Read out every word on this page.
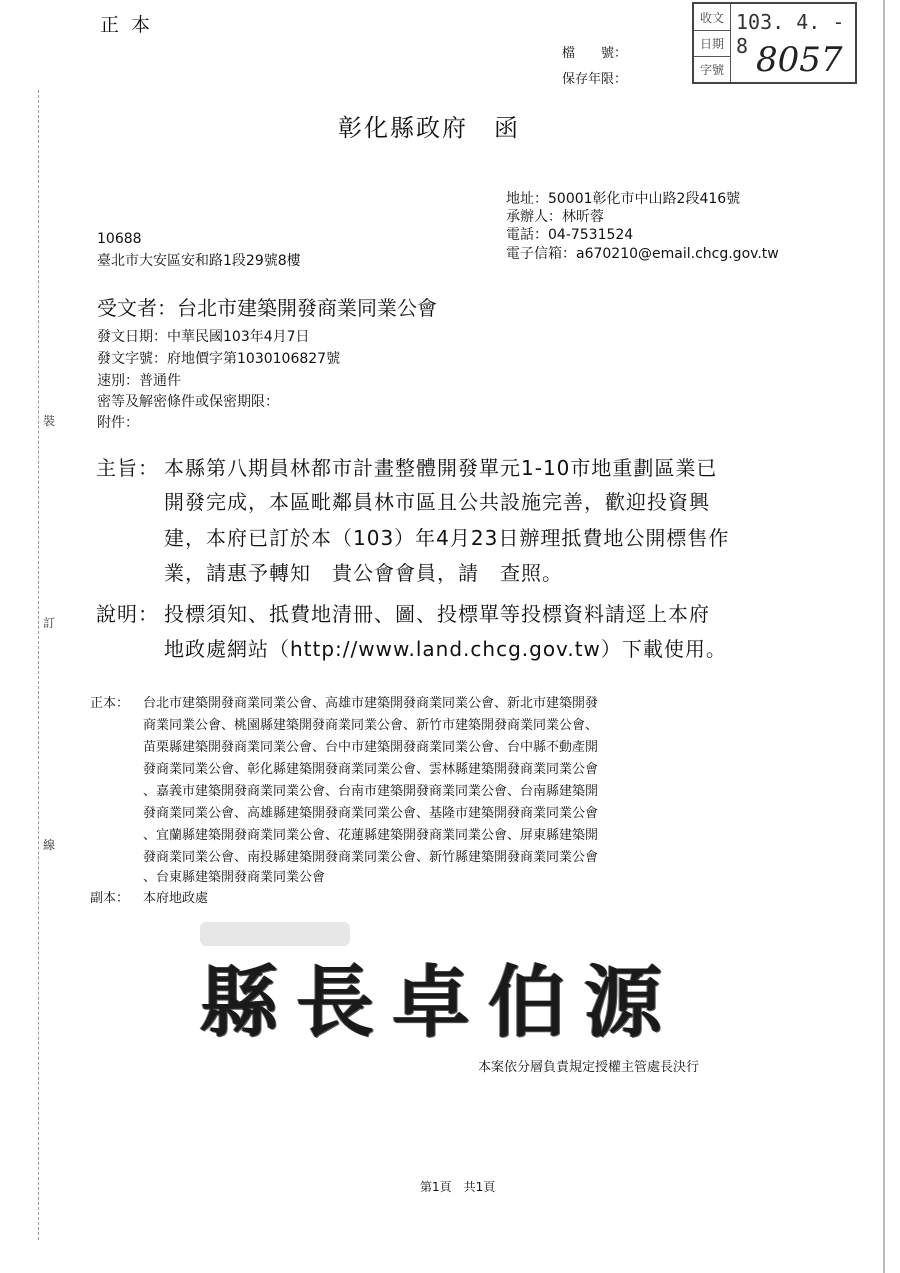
裝
訂
線
正 本
檔　　號：
保存年限：
收文
日期
字號
103. 4. - 8 8057
彰化縣政府　函
地址：50001彰化市中山路2段416號
承辦人：林昕蓉
電話：04-7531524
電子信箱：a670210@email.chcg.gov.tw
10688
臺北市大安區安和路1段29號8樓
受文者：台北市建築開發商業同業公會
發文日期：中華民國103年4月7日
發文字號：府地價字第1030106827號
速別：普通件
密等及解密條件或保密期限：
附件：
主旨： 本縣第八期員林都市計畫整體開發單元1-10市地重劃區業已
開發完成，本區毗鄰員林市區且公共設施完善，歡迎投資興
建，本府已訂於本（103）年4月23日辦理抵費地公開標售作
業，請惠予轉知　貴公會會員，請　查照。
說明： 投標須知、抵費地清冊、圖、投標單等投標資料請逕上本府
地政處網站（http://www.land.chcg.gov.tw）下載使用。
正本： 台北市建築開發商業同業公會、高雄市建築開發商業同業公會、新北市建築開發
商業同業公會、桃園縣建築開發商業同業公會、新竹市建築開發商業同業公會、
苗栗縣建築開發商業同業公會、台中市建築開發商業同業公會、台中縣不動產開
發商業同業公會、彰化縣建築開發商業同業公會、雲林縣建築開發商業同業公會
、嘉義市建築開發商業同業公會、台南市建築開發商業同業公會、台南縣建築開
發商業同業公會、高雄縣建築開發商業同業公會、基隆市建築開發商業同業公會
、宜蘭縣建築開發商業同業公會、花蓮縣建築開發商業同業公會、屏東縣建築開
發商業同業公會、南投縣建築開發商業同業公會、新竹縣建築開發商業同業公會
、台東縣建築開發商業同業公會
副本： 本府地政處
縣長卓伯源
本案依分層負責規定授權主管處長決行
第1頁　共1頁
